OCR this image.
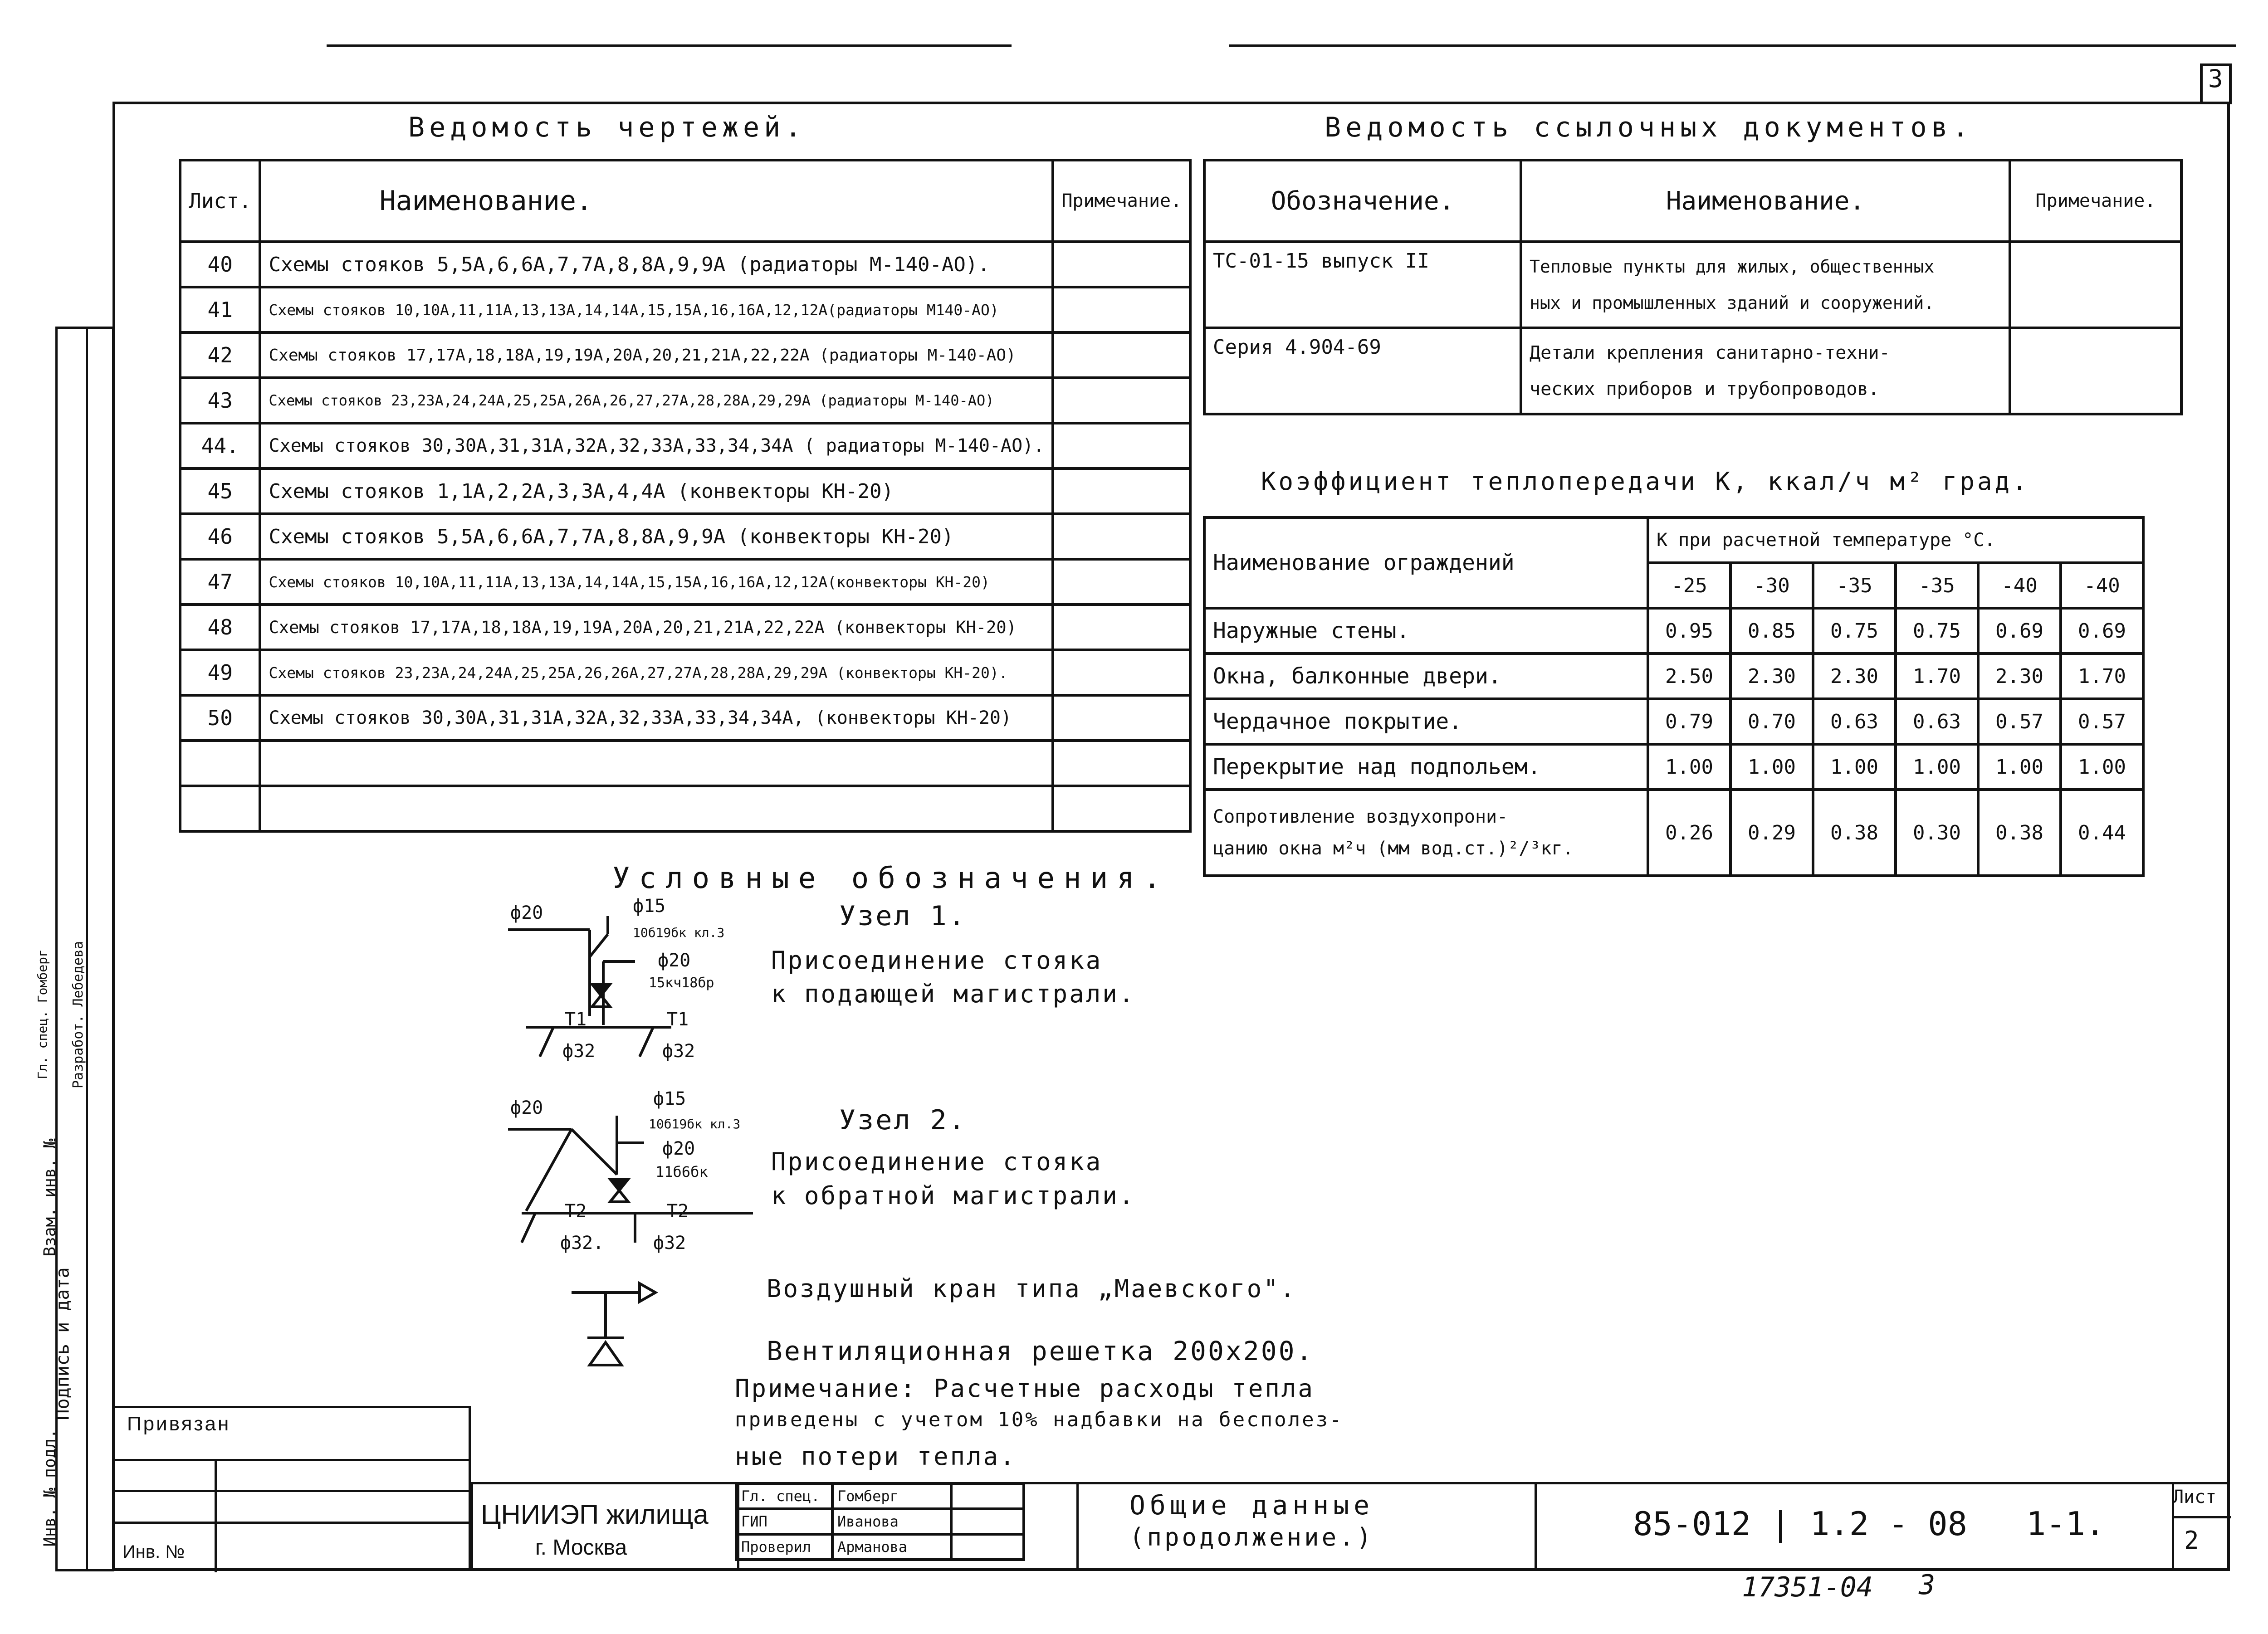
3
Ведомость чертежей.
Лист.	Наименование.	Примечание.
40	Схемы стояков 5,5А,6,6А,7,7А,8,8А,9,9А (радиаторы М-140-АО).	
41	Схемы стояков 10,10А,11,11А,13,13А,14,14А,15,15А,16,16А,12,12А(радиаторы М140-АО)	
42	Схемы стояков 17,17А,18,18А,19,19А,20А,20,21,21А,22,22А (радиаторы М-140-АО)	
43	Схемы стояков 23,23А,24,24А,25,25А,26А,26,27,27А,28,28А,29,29А (радиаторы М-140-АО)	
44.	Схемы стояков 30,30А,31,31А,32А,32,33А,33,34,34А ( радиаторы М-140-АО).	
45	Схемы стояков 1,1А,2,2А,3,3А,4,4А (конвекторы КН-20)	
46	Схемы стояков 5,5А,6,6А,7,7А,8,8А,9,9А (конвекторы КН-20)	
47	Схемы стояков 10,10А,11,11А,13,13А,14,14А,15,15А,16,16А,12,12А(конвекторы КН-20)	
48	Схемы стояков 17,17А,18,18А,19,19А,20А,20,21,21А,22,22А (конвекторы КН-20)	
49	Схемы стояков 23,23А,24,24А,25,25А,26,26А,27,27А,28,28А,29,29А (конвекторы КН-20).	
50	Схемы стояков 30,30А,31,31А,32А,32,33А,33,34,34А, (конвекторы КН-20)	

Ведомость ссылочных документов.
Обозначение.	Наименование.	Примечание.
ТС-01-15 выпуск II	Тепловые пункты для жилых, общественных
ных и промышленных зданий и сооружений.	
Серия 4.904-69	Детали крепления санитарно-техни-
ческих приборов и трубопроводов.	
Коэффициент теплопередачи К, ккал/ч м² град.
Наименование ограждений	К при расчетной температуре °С.					
	-25	-30	-35	-35	-40	-40
Наружные стены.	0.95	0.85	0.75	0.75	0.69	0.69
Окна, балконные двери.	2.50	2.30	2.30	1.70	2.30	1.70
Чердачное покрытие.	0.79	0.70	0.63	0.63	0.57	0.57
Перекрытие над подпольем.	1.00	1.00	1.00	1.00	1.00	1.00
Сопротивление воздухопрони-
цанию окна м²ч (мм вод.ст.)²/³кг.	0.26	0.29	0.38	0.30	0.38	0.44
Условные обозначения.
Узел 1.
Присоединение стояка
к подающей магистрали.
ф20	ф15
10б19бк кл.3
ф20
15кч18бр
Т1	Т1
ф32	ф32
Узел 2.
Присоединение стояка
к обратной магистрали.
ф20	ф15
10б19бк кл.3
ф20
11б6бк
Т2	Т2
ф32.	ф32
Воздушный кран типа „Маевского".
Вентиляционная решетка 200х200.
Примечание: Расчетные расходы тепла
приведены с учетом 10% надбавки на бесполез-
ные потери тепла.
Инв. № подл.
Подпись и дата
Взам. инв. №
Разработ. Лебедева
Гл. спец. Гомберг
Привязан
Инв. №
ЦНИИЭП жилища
г. Москва
Гл. спец.	Гомберг	
ГИП	Иванова	
Проверил	Арманова	
Общие данные
(продолжение.)	85-012 | 1.2 - 08   1-1.
Лист
2
17351-04 3
